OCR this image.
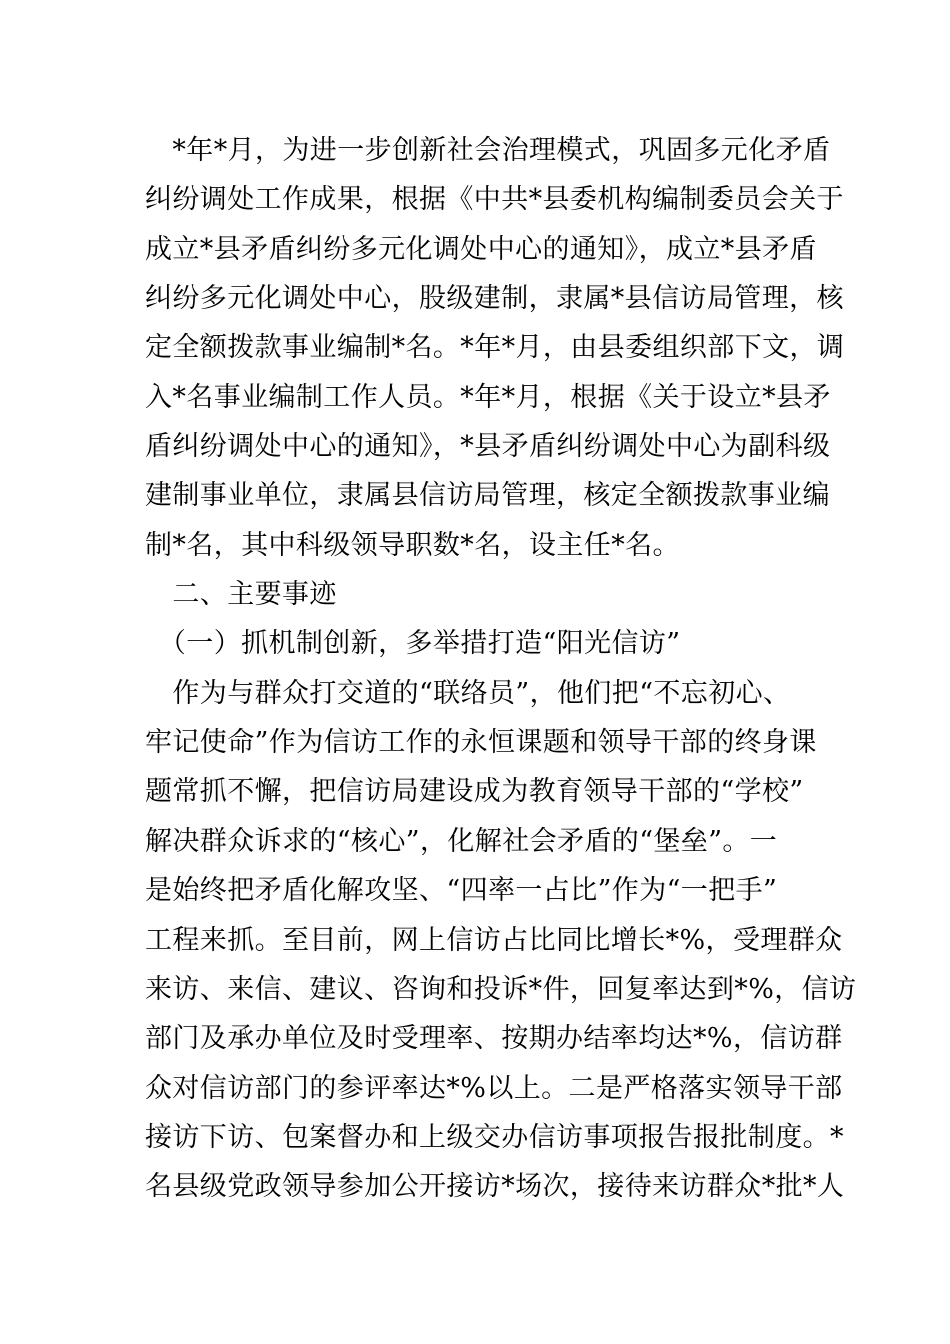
　*年*月，为进一步创新社会治理模式，巩固多元化矛盾
纠纷调处工作成果，根据《中共*县委机构编制委员会关于
成立*县矛盾纠纷多元化调处中心的通知》，成立*县矛盾
纠纷多元化调处中心，股级建制，隶属*县信访局管理，核
定全额拨款事业编制*名。*年*月，由县委组织部下文，调
入*名事业编制工作人员。*年*月，根据《关于设立*县矛
盾纠纷调处中心的通知》，*县矛盾纠纷调处中心为副科级
建制事业单位，隶属县信访局管理，核定全额拨款事业编
制*名，其中科级领导职数*名，设主任*名。
　二、主要事迹
　（一）抓机制创新，多举措打造“阳光信访”
　作为与群众打交道的“联络员”，他们把“不忘初心、
牢记使命”作为信访工作的永恒课题和领导干部的终身课
题常抓不懈，把信访局建设成为教育领导干部的“学校”
解决群众诉求的“核心”，化解社会矛盾的“堡垒”。一
是始终把矛盾化解攻坚、“四率一占比”作为“一把手”
工程来抓。至目前，网上信访占比同比增长*%，受理群众
来访、来信、建议、咨询和投诉*件，回复率达到*%，信访
部门及承办单位及时受理率、按期办结率均达*%，信访群
众对信访部门的参评率达*%以上。二是严格落实领导干部
接访下访、包案督办和上级交办信访事项报告报批制度。*
名县级党政领导参加公开接访*场次，接待来访群众*批*人
